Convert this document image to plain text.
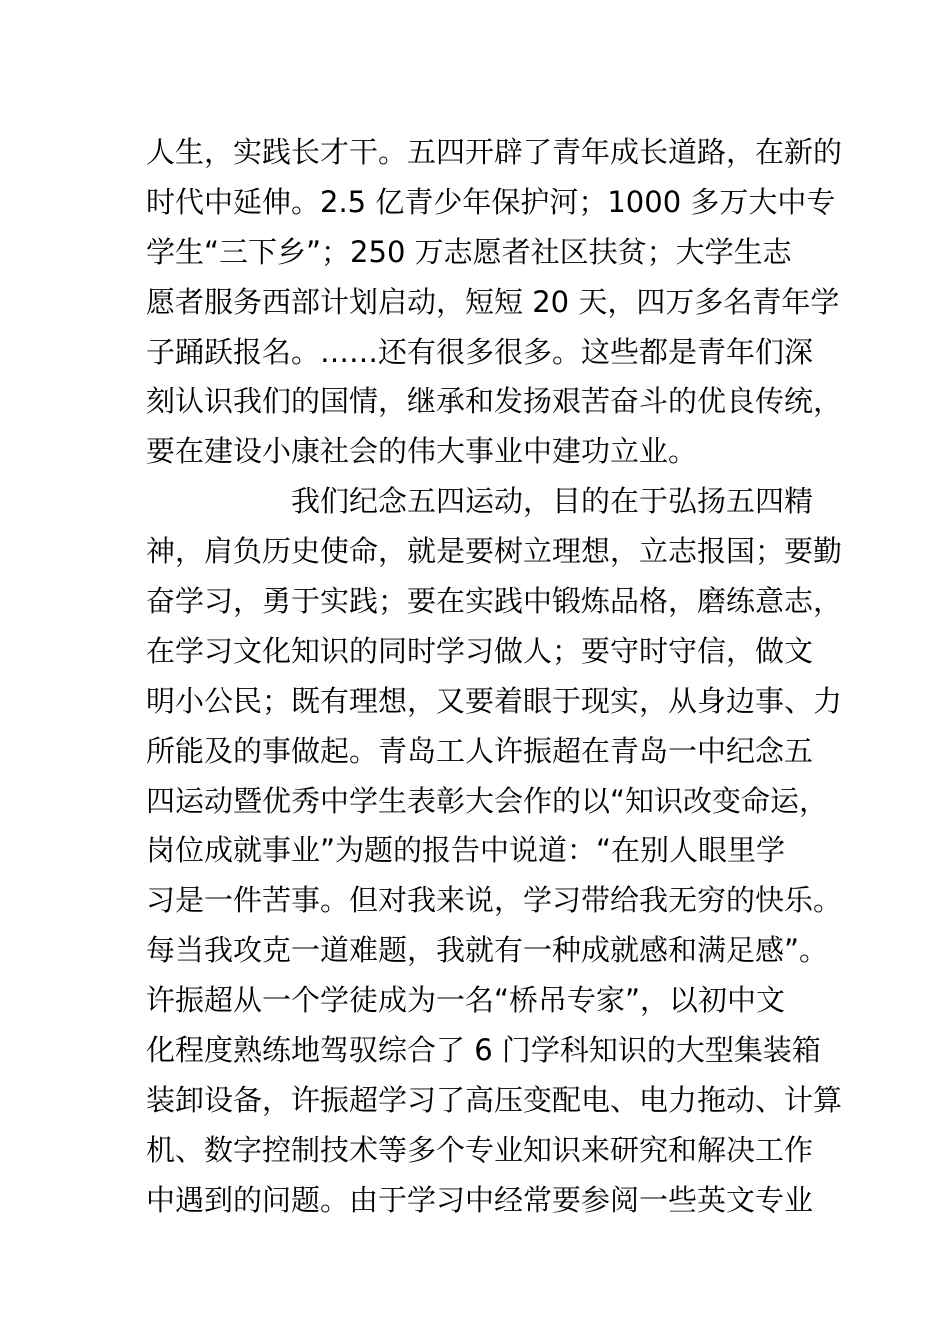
人生，实践长才干。五四开辟了青年成长道路，在新的
时代中延伸。2.5 亿青少年保护河；1000 多万大中专
学生“三下乡”；250 万志愿者社区扶贫；大学生志
愿者服务西部计划启动，短短 20 天，四万多名青年学
子踊跃报名。……还有很多很多。这些都是青年们深
刻认识我们的国情，继承和发扬艰苦奋斗的优良传统，
要在建设小康社会的伟大事业中建功立业。
我们纪念五四运动，目的在于弘扬五四精
神，肩负历史使命，就是要树立理想，立志报国；要勤
奋学习，勇于实践；要在实践中锻炼品格，磨练意志，
在学习文化知识的同时学习做人；要守时守信，做文
明小公民；既有理想，又要着眼于现实，从身边事、力
所能及的事做起。青岛工人许振超在青岛一中纪念五
四运动暨优秀中学生表彰大会作的以“知识改变命运，
岗位成就事业”为题的报告中说道：“在别人眼里学
习是一件苦事。但对我来说，学习带给我无穷的快乐。
每当我攻克一道难题，我就有一种成就感和满足感”。
许振超从一个学徒成为一名“桥吊专家”，以初中文
化程度熟练地驾驭综合了 6 门学科知识的大型集装箱
装卸设备，许振超学习了高压变配电、电力拖动、计算
机、数字控制技术等多个专业知识来研究和解决工作
中遇到的问题。由于学习中经常要参阅一些英文专业
